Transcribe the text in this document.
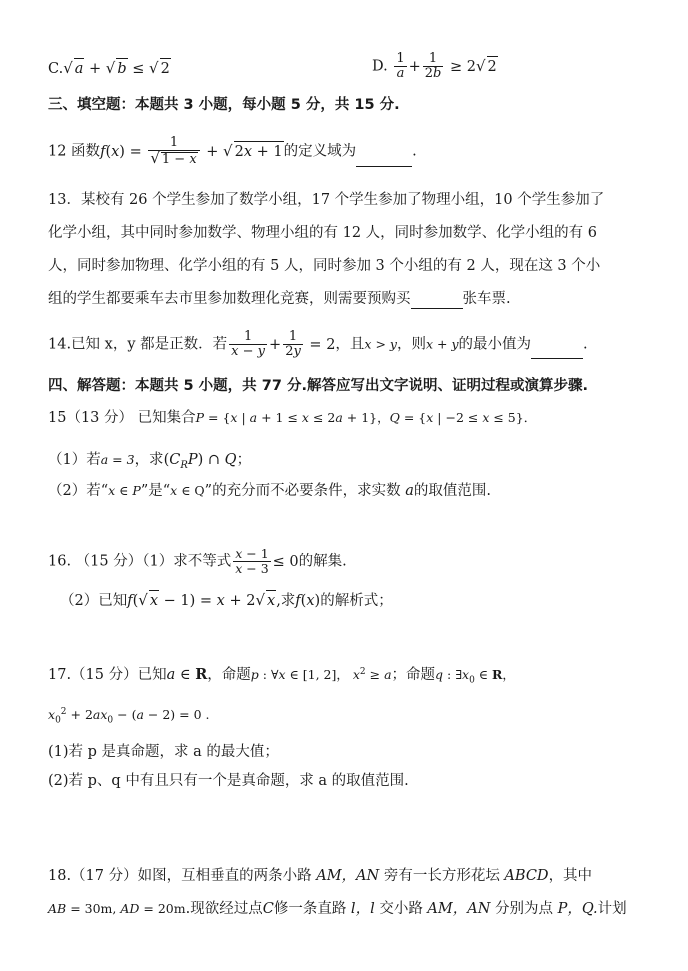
C.√ a + √ b ≤ √ 2	D. $\frac{1}{a} + \frac{1}{2b} \ge 2√$ 2
三、填空题：本题共 3 小题，每小题 5 分，共 15 分.
12 函数$f(x) = \frac{1}{√ 1 - x}$ + √ 2x + 1的定义域为	.
13．某校有 26 个学生参加了数学小组，17 个学生参加了物理小组，10 个学生参加了
化学小组，其中同时参加数学、物理小组的有 12 人，同时参加数学、化学小组的有 6
人，同时参加物理、化学小组的有 5 人，同时参加 3 个小组的有 2 人，现在这 3 个小
组的学生都要乘车去市里参加数理化竞赛，则需要预购买	张车票.
14.已知 x，y 都是正数．若 $\frac{1}{x - y} + \frac{1}{2y} = 2$，且x > y，则x + y的最小值为	.
四、解答题：本题共 5 小题，共 77 分.解答应写出文字说明、证明过程或演算步骤.
15（13 分） 已知集合P = {x | a + 1 ≤ x ≤ 2a + 1}，Q = {x | −2 ≤ x ≤ 5}．
（1）若a = 3，求$(C_RP)$ ∩ Q；
（2）若“x ∈ P”是“x ∈ Q”的充分而不必要条件，求实数 a的取值范围.
16. （15 分）（1）求不等式 $\frac{x - 1}{x - 3} \le 0$的解集.
（2）已知f(√ x − 1) = x + 2√ x,求f(x)的解析式；
17.（15 分）已知a ∈ R，命题p : ∀x ∈ [1, 2]， $x^2 \ge a$；命题q : $\exists x_0$ ∈ R，
$x_0^2 + 2ax_0 - (a - 2) = 0$ .
(1)若 p 是真命题，求 a 的最大值；
(2)若 p、q 中有且只有一个是真命题，求 a 的取值范围.
18.（17 分）如图，互相垂直的两条小路 AM，AN 旁有一长方形花坛 ABCD，其中
AB = 30m, AD = 20m.现欲经过点C修一条直路 l，l 交小路 AM，AN 分别为点 P，Q.计划
